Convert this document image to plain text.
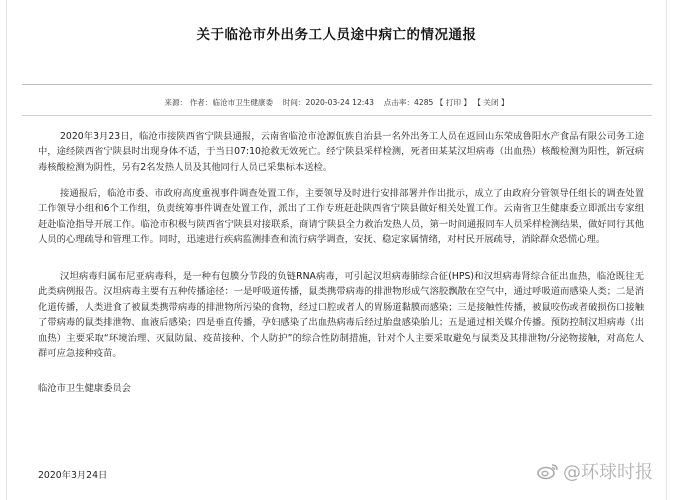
关于临沧市外出务工人员途中病亡的情况通报
来源： 作者：临沧市卫生健康委 时间：2020-03-24 12:43 点击率：4285 【 打印 】 【 关闭 】
2020年3月23日，临沧市接陕西省宁陕县通报，云南省临沧市沧源佤族自治县一名外出务工人员在返回山东荣成鲁阳水产食品有限公司务工途中，途经陕西省宁陕县时出现身体不适，于当日07:10抢救无效死亡。经宁陕县采样检测，死者田某某汉坦病毒（出血热）核酸检测为阳性，新冠病毒核酸检测为阴性，另有2名发热人员及其他同行人员已采集标本送检。
接通报后，临沧市委、市政府高度重视事件调查处置工作，主要领导及时进行安排部署并作出批示，成立了由政府分管领导任组长的调查处置工作领导小组和6个工作组，负责统筹事件调查处置工作，派出了工作专班赶赴陕西省宁陕县做好相关处置工作。云南省卫生健康委立即派出专家组赶赴临沧指导开展工作。临沧市积极与陕西省宁陕县对接联系，商请宁陕县全力救治发热人员，第一时间通报同车人员采样检测结果，做好同行其他人员的心理疏导和管理工作。同时，迅速进行疾病监测排查和流行病学调查，安抚、稳定家属情绪，对村民开展疏导，消除群众恐慌心理。
汉坦病毒归属布尼亚病毒科，是一种有包膜分节段的负链RNA病毒，可引起汉坦病毒肺综合征(HPS)和汉坦病毒肾综合征出血热，临沧既往无此类病例报告。汉坦病毒主要有五种传播途径：一是呼吸道传播，鼠类携带病毒的排泄物形成气溶胶飘散在空气中，通过呼吸道而感染人类；二是消化道传播，人类进食了被鼠类携带病毒的排泄物所污染的食物，经过口腔或者人的胃肠道黏膜而感染；三是接触性传播，被鼠咬伤或者破损伤口接触了带病毒的鼠类排泄物、血液后感染；四是垂直传播，孕妇感染了出血热病毒后经过胎盘感染胎儿；五是通过相关媒介传播。预防控制汉坦病毒（出血热）主要采取“环境治理、灭鼠防鼠、疫苗接种、个人防护”的综合性防制措施，针对个人主要采取避免与鼠类及其排泄物/分泌物接触，对高危人群可应急接种疫苗。
临沧市卫生健康委员会
2020年3月24日	@环球时报
